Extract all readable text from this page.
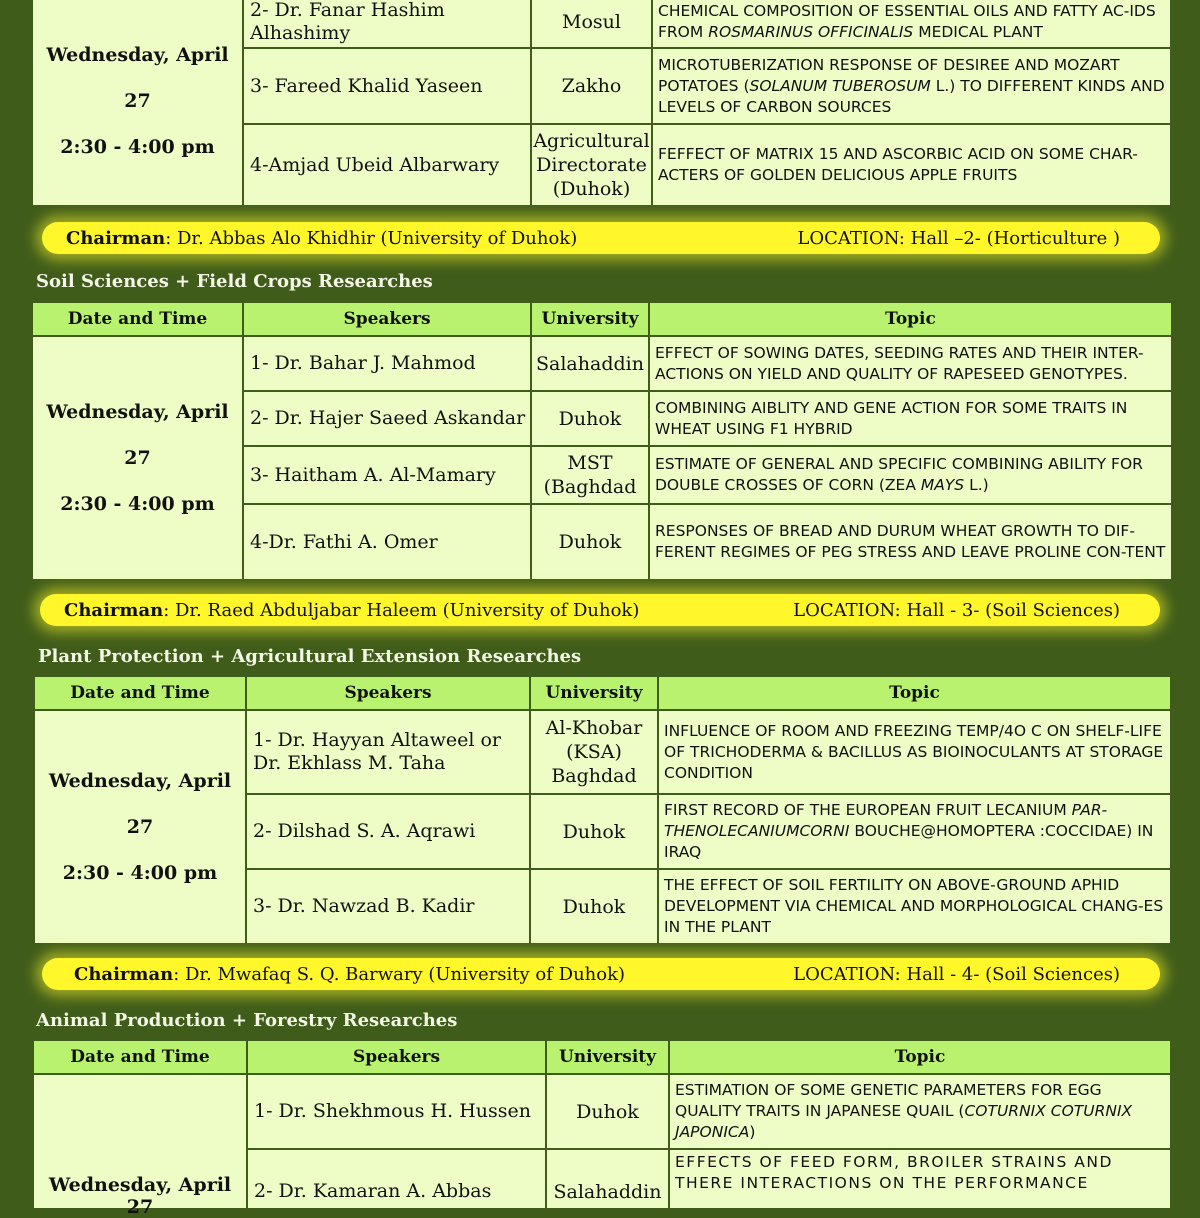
Wednesday, April 27
2:30 - 4:00 pm	2- Dr. Fanar Hashim Alhashimy	Mosul	CHEMICAL COMPOSITION OF ESSENTIAL OILS AND FATTY AC-IDS FROM ROSMARINUS OFFICINALIS MEDICAL PLANT
	3- Fareed Khalid Yaseen	Zakho	MICROTUBERIZATION RESPONSE OF DESIREE AND MOZART POTATOES (SOLANUM TUBEROSUM L.) TO DIFFERENT KINDS AND LEVELS OF CARBON SOURCES
	4-Amjad Ubeid Albarwary	Agricultural Directorate (Duhok)	FEFFECT OF MATRIX 15 AND ASCORBIC ACID ON SOME CHAR-ACTERS OF GOLDEN DELICIOUS APPLE FRUITS
Chairman: Dr. Abbas Alo Khidhir (University of Duhok)	LOCATION: Hall –2- (Horticulture )
Soil Sciences + Field Crops Researches
Date and Time	Speakers	University	Topic

Wednesday, April 27
2:30 - 4:00 pm	1- Dr. Bahar J. Mahmod	Salahaddin	EFFECT OF SOWING DATES, SEEDING RATES AND THEIR INTER-ACTIONS ON YIELD AND QUALITY OF RAPESEED GENOTYPES.
	2- Dr. Hajer Saeed Askandar	Duhok	COMBINING AIBLITY AND GENE ACTION FOR SOME TRAITS IN WHEAT USING F1 HYBRID
	3- Haitham A. Al-Mamary	MST (Baghdad	ESTIMATE OF GENERAL AND SPECIFIC COMBINING ABILITY FOR DOUBLE CROSSES OF CORN (ZEA MAYS L.)
	4-Dr. Fathi A. Omer	Duhok	RESPONSES OF BREAD AND DURUM WHEAT GROWTH TO DIF-FERENT REGIMES OF PEG STRESS AND LEAVE PROLINE CON-TENT
Chairman: Dr. Raed Abduljabar Haleem (University of Duhok)	LOCATION: Hall - 3- (Soil Sciences)
Plant Protection + Agricultural Extension Researches
Date and Time	Speakers	University	Topic

Wednesday, April 27
2:30 - 4:00 pm	1- Dr. Hayyan Altaweel or Dr. Ekhlass M. Taha	Al-Khobar (KSA) Baghdad	INFLUENCE OF ROOM AND FREEZING TEMP/4O C ON SHELF-LIFE OF TRICHODERMA & BACILLUS AS BIOINOCULANTS AT STORAGE CONDITION
	2- Dilshad S. A. Aqrawi	Duhok	FIRST RECORD OF THE EUROPEAN FRUIT LECANIUM PAR-THENOLECANIUMCORNI BOUCHE@HOMOPTERA :COCCIDAE) IN IRAQ
	3- Dr. Nawzad B. Kadir	Duhok	THE EFFECT OF SOIL FERTILITY ON ABOVE-GROUND APHID DEVELOPMENT VIA CHEMICAL AND MORPHOLOGICAL CHANG-ES IN THE PLANT
Chairman: Dr. Mwafaq S. Q. Barwary (University of Duhok)	LOCATION: Hall - 4- (Soil Sciences)
Animal Production + Forestry Researches
Date and Time	Speakers	University	Topic

Wednesday, April 27	1- Dr. Shekhmous H. Hussen	Duhok	ESTIMATION OF SOME GENETIC PARAMETERS FOR EGG QUALITY TRAITS IN JAPANESE QUAIL (COTURNIX COTURNIX JAPONICA)
	2- Dr. Kamaran A. Abbas	Salahaddin	EFFECTS OF FEED FORM, BROILER STRAINS AND THERE INTERACTIONS ON THE PERFORMANCE
